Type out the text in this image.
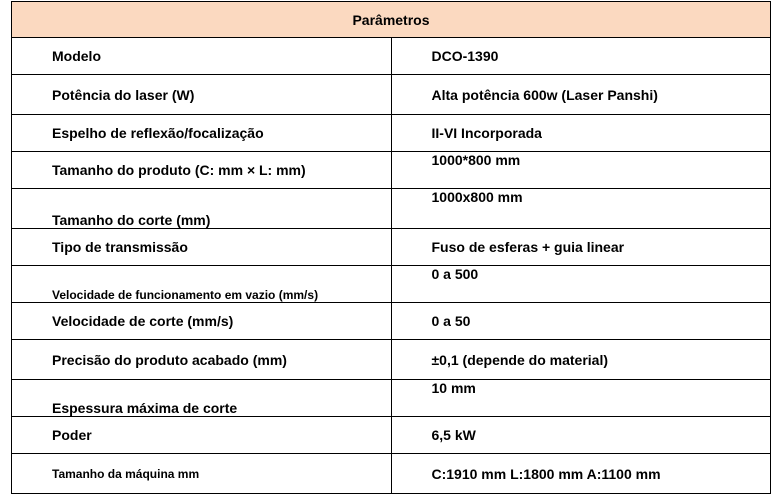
Parâmetros	
Modelo	DCO-1390
Potência do laser (W)	Alta potência 600w (Laser Panshi)
Espelho de reflexão/focalização	II-VI Incorporada
Tamanho do produto (C: mm × L: mm)	1000*800 mm
Tamanho do corte (mm)	1000x800 mm
Tipo de transmissão	Fuso de esferas + guia linear
Velocidade de funcionamento em vazio (mm/s)	0 a 500
Velocidade de corte (mm/s)	0 a 50
Precisão do produto acabado (mm)	±0,1 (depende do material)
Espessura máxima de corte	10 mm
Poder	6,5 kW
Tamanho da máquina mm	C:1910 mm L:1800 mm A:1100 mm
